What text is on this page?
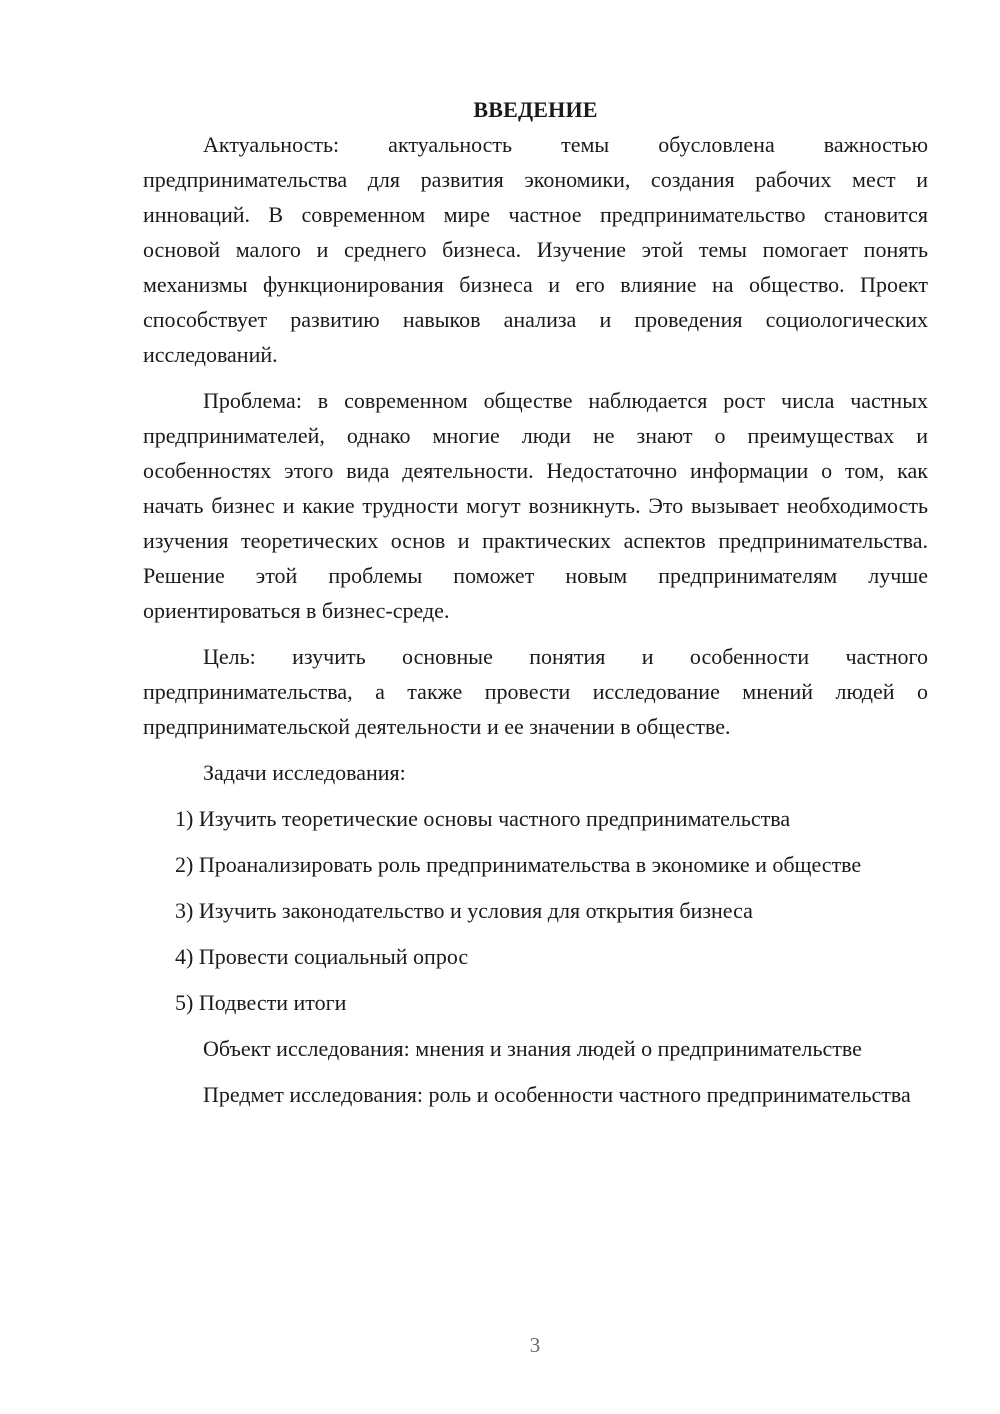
ВВЕДЕНИЕ

Актуальность: актуальность темы обусловлена важностью предпринимательства для развития экономики, создания рабочих мест и инноваций. В современном мире частное предпринимательство становится основой малого и среднего бизнеса. Изучение этой темы помогает понять механизмы функционирования бизнеса и его влияние на общество. Проект способствует развитию навыков анализа и проведения социологических исследований.

Проблема: в современном обществе наблюдается рост числа частных предпринимателей, однако многие люди не знают о преимуществах и особенностях этого вида деятельности. Недостаточно информации о том, как начать бизнес и какие трудности могут возникнуть. Это вызывает необходимость изучения теоретических основ и практических аспектов предпринимательства. Решение этой проблемы поможет новым предпринимателям лучше ориентироваться в бизнес-среде.

Цель: изучить основные понятия и особенности частного предпринимательства, а также провести исследование мнений людей о предпринимательской деятельности и ее значении в обществе.

Задачи исследования:

1) Изучить теоретические основы частного предпринимательства

2) Проанализировать роль предпринимательства в экономике и обществе

3) Изучить законодательство и условия для открытия бизнеса

4) Провести социальный опрос

5) Подвести итоги

Объект исследования: мнения и знания людей о предпринимательстве

Предмет исследования: роль и особенности частного предпринимательства

3
